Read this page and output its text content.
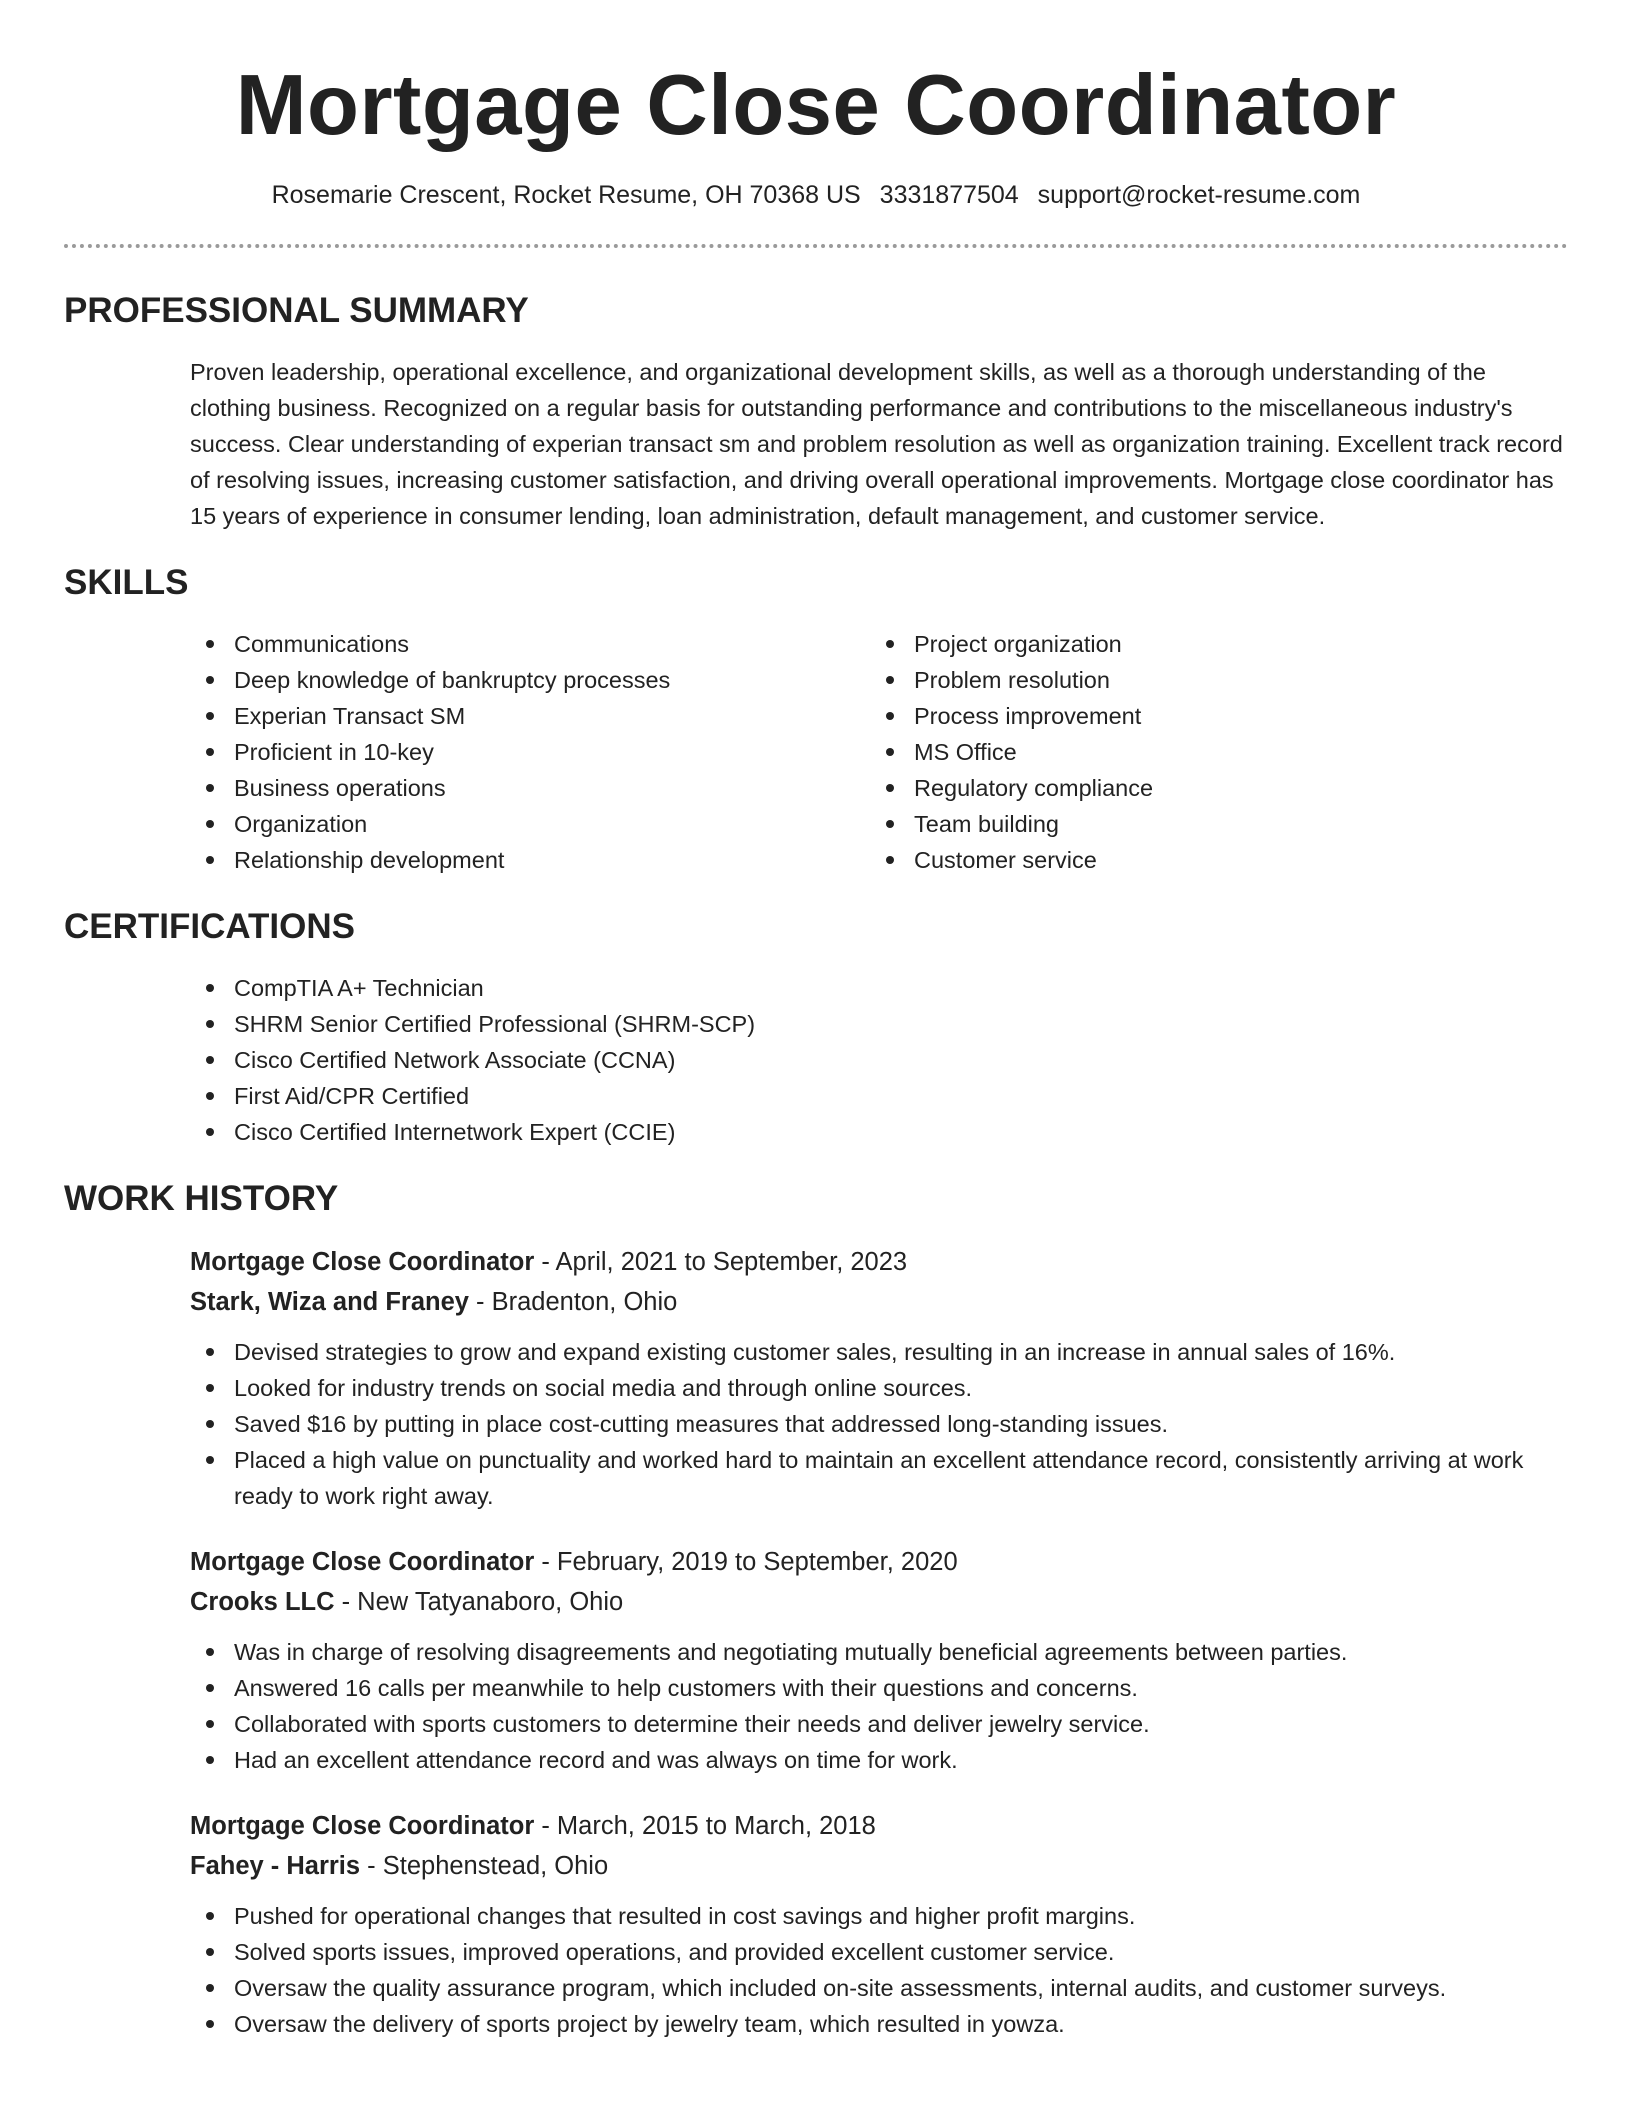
Mortgage Close Coordinator
Rosemarie Crescent, Rocket Resume, OH 70368 US 3331877504 support@rocket-resume.com
PROFESSIONAL SUMMARY

Proven leadership, operational excellence, and organizational development skills, as well as a thorough understanding of the clothing business. Recognized on a regular basis for outstanding performance and contributions to the miscellaneous industry's success. Clear understanding of experian transact sm and problem resolution as well as organization training. Excellent track record of resolving issues, increasing customer satisfaction, and driving overall operational improvements. Mortgage close coordinator has 15 years of experience in consumer lending, loan administration, default management, and customer service.

SKILLS
Communications
Deep knowledge of bankruptcy processes
Experian Transact SM
Proficient in 10-key
Business operations
Organization
Relationship development
Project organization
Problem resolution
Process improvement
MS Office
Regulatory compliance
Team building
Customer service
CERTIFICATIONS
CompTIA A+ Technician
SHRM Senior Certified Professional (SHRM-SCP)
Cisco Certified Network Associate (CCNA)
First Aid/CPR Certified
Cisco Certified Internetwork Expert (CCIE)
WORK HISTORY
Mortgage Close Coordinator - April, 2021 to September, 2023
Stark, Wiza and Franey - Bradenton, Ohio
Devised strategies to grow and expand existing customer sales, resulting in an increase in annual sales of 16%.
Looked for industry trends on social media and through online sources.
Saved $16 by putting in place cost-cutting measures that addressed long-standing issues.
Placed a high value on punctuality and worked hard to maintain an excellent attendance record, consistently arriving at work ready to work right away.
Mortgage Close Coordinator - February, 2019 to September, 2020
Crooks LLC - New Tatyanaboro, Ohio
Was in charge of resolving disagreements and negotiating mutually beneficial agreements between parties.
Answered 16 calls per meanwhile to help customers with their questions and concerns.
Collaborated with sports customers to determine their needs and deliver jewelry service.
Had an excellent attendance record and was always on time for work.
Mortgage Close Coordinator - March, 2015 to March, 2018
Fahey - Harris - Stephenstead, Ohio
Pushed for operational changes that resulted in cost savings and higher profit margins.
Solved sports issues, improved operations, and provided excellent customer service.
Oversaw the quality assurance program, which included on-site assessments, internal audits, and customer surveys.
Oversaw the delivery of sports project by jewelry team, which resulted in yowza.
